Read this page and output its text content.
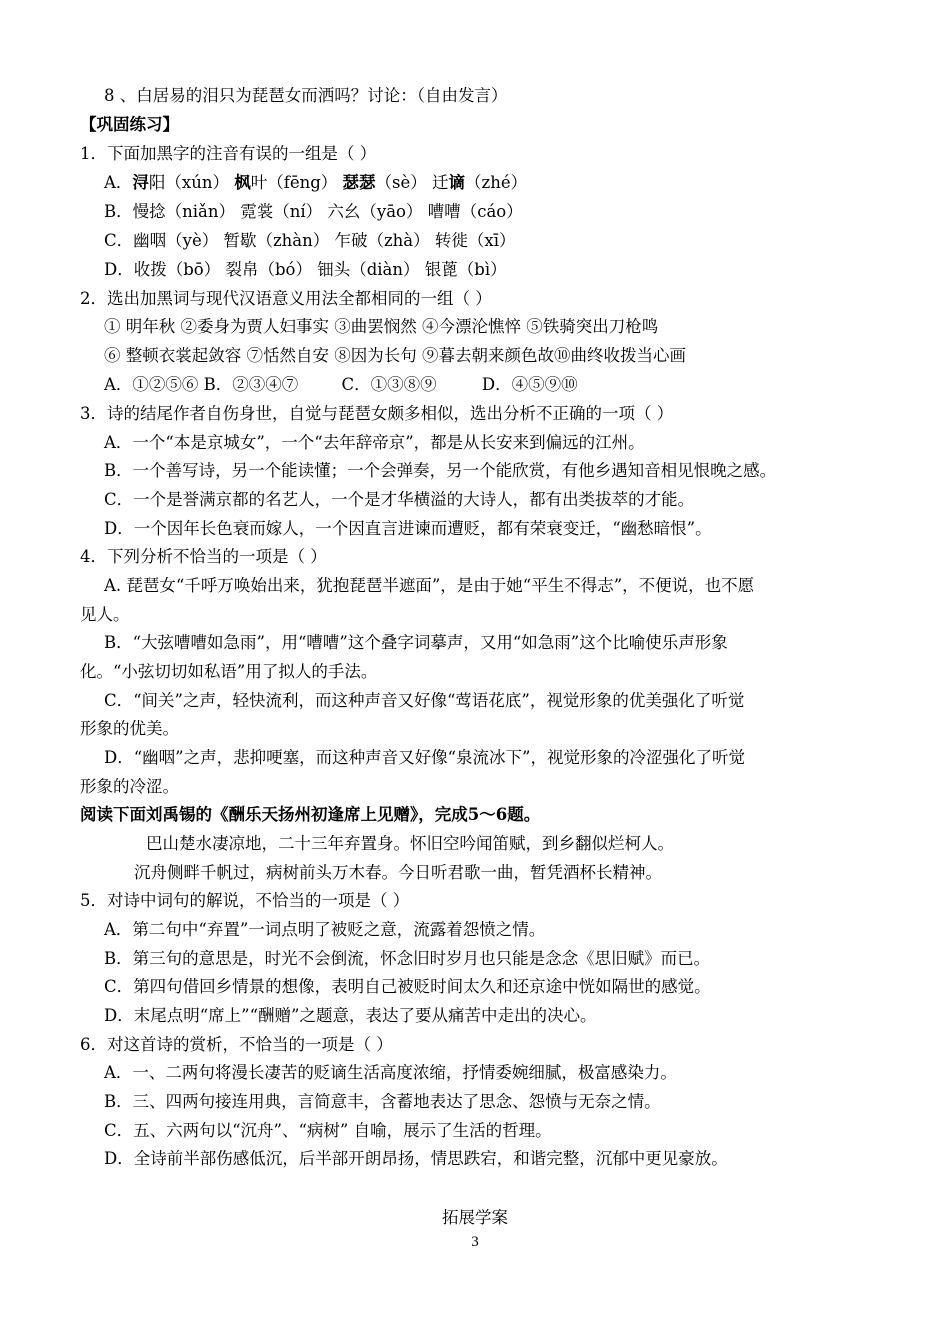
8 、白居易的泪只为琵琶女而洒吗？讨论：（自由发言）
【巩固练习】
1．下面加黑字的注音有误的一组是（ ）
A．浔阳（xún） 枫叶（fēng） 瑟瑟（sè） 迁谪（zhé）
B．慢捻（niǎn） 霓裳（ní） 六幺（yāo） 嘈嘈（cáo）
C．幽咽（yè） 暂歇（zhàn） 乍破（zhà） 转徙（xī）
D．收拨（bō） 裂帛（bó） 钿头（diàn） 银蓖（bì）
2．选出加黑词与现代汉语意义用法全都相同的一组（ ）
① 明年秋 ②委身为贾人妇事实 ③曲罢悯然 ④今漂沦憔悴 ⑤铁骑突出刀枪鸣
⑥ 整顿衣裳起敛容 ⑦恬然自安 ⑧因为长句 ⑨暮去朝来颜色故⑩曲终收拨当心画
A．①②⑤⑥ B．②③④⑦	C．①③⑧⑨	D．④⑤⑨⑩
3．诗的结尾作者自伤身世，自觉与琵琶女颇多相似，选出分析不正确的一项（ ）
A．一个“本是京城女”，一个“去年辞帝京”，都是从长安来到偏远的江州。
B．一个善写诗，另一个能读懂；一个会弹奏，另一个能欣赏，有他乡遇知音相见恨晚之感。
C．一个是誉满京都的名艺人，一个是才华横溢的大诗人，都有出类拔萃的才能。
D．一个因年长色衰而嫁人，一个因直言进谏而遭贬，都有荣衰变迁，“幽愁暗恨”。
4．下列分析不恰当的一项是（ ）
A. 琵琶女“千呼万唤始出来，犹抱琵琶半遮面”，是由于她“平生不得志”，不便说，也不愿
见人。
B．“大弦嘈嘈如急雨”，用“嘈嘈”这个叠字词摹声，又用“如急雨”这个比喻使乐声形象
化。“小弦切切如私语”用了拟人的手法。
C．“间关”之声，轻快流利，而这种声音又好像“莺语花底”，视觉形象的优美强化了听觉
形象的优美。
D．“幽咽”之声，悲抑哽塞，而这种声音又好像“泉流冰下”，视觉形象的冷涩强化了听觉
形象的冷涩。
阅读下面刘禹锡的《酬乐天扬州初逢席上见赠》，完成5～6题。
巴山楚水凄凉地，二十三年弃置身。怀旧空吟闻笛赋，到乡翻似烂柯人。
沉舟侧畔千帆过，病树前头万木春。今日听君歌一曲，暂凭酒杯长精神。
5．对诗中词句的解说，不恰当的一项是（ ）
A．第二句中“弃置”一词点明了被贬之意，流露着怨愤之情。
B．第三句的意思是，时光不会倒流，怀念旧时岁月也只能是念念《思旧赋》而已。
C．第四句借回乡情景的想像，表明自己被贬时间太久和还京途中恍如隔世的感觉。
D．末尾点明“席上”“酬赠”之题意，表达了要从痛苦中走出的决心。
6．对这首诗的赏析，不恰当的一项是（ ）
A．一、二两句将漫长凄苦的贬谪生活高度浓缩，抒情委婉细腻，极富感染力。
B．三、四两句接连用典，言简意丰，含蓄地表达了思念、怨愤与无奈之情。
C．五、六两句以“沉舟”、“病树” 自喻，展示了生活的哲理。
D．全诗前半部伤感低沉，后半部开朗昂扬，情思跌宕，和谐完整，沉郁中更见豪放。
拓展学案
3
